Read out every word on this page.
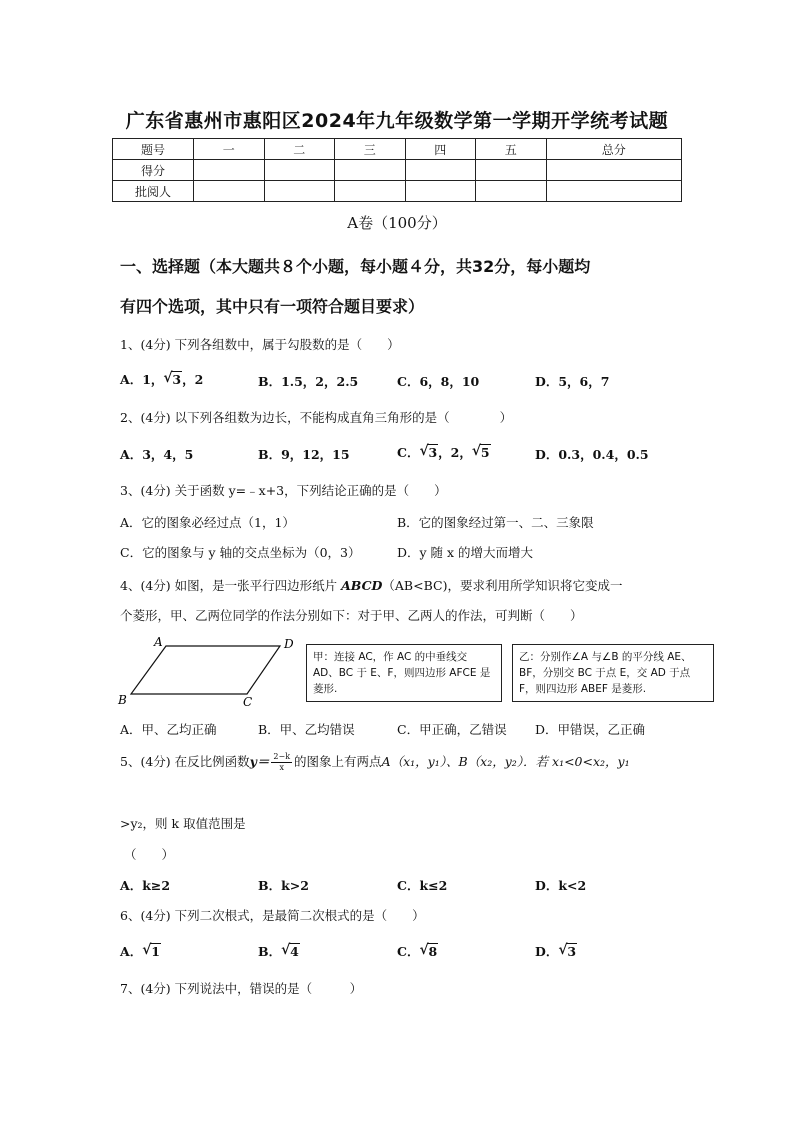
广东省惠州市惠阳区2024年九年级数学第一学期开学统考试题
题号	一	二	三	四	五	总分
得分						
批阅人						
A卷（100分）
一、选择题（本大题共８个小题，每小题４分，共32分，每小题均
有四个选项，其中只有一项符合题目要求）
1、(4分) 下列各组数中，属于勾股数的是（　　）
A．1， √ 3，2	B．1.5，2，2.5	C．6，8，10	D．5，6，7
2、(4分) 以下列各组数为边长，不能构成直角三角形的是（　　　　）
A．3，4，5	B．9，12，15	C． √ 3，2， √ 5	D．0.3，0.4，0.5
3、(4分) 关于函数 y=﹣x+3，下列结论正确的是（　　）
A．它的图象必经过点（1，1）	B．它的图象经过第一、二、三象限
C．它的图象与 y 轴的交点坐标为（0，3）	D．y 随 x 的增大而增大
4、(4分) 如图，是一张平行四边形纸片 ABCD（AB<BC)，要求利用所学知识将它变成一
个菱形，甲、乙两位同学的作法分别如下：对于甲、乙两人的作法，可判断（　　）
A	D
B	C
甲：连接 AC，作 AC 的中垂线交 AD、BC 于 E、F，则四边形 AFCE 是菱形.
乙：分别作∠A 与∠B 的平分线 AE、BF，分别交 BC 于点 E，交 AD 于点 F，则四边形 ABEF 是菱形.
A．甲、乙均正确	B．甲、乙均错误	C．甲正确，乙错误 D．甲错误，乙正确
5、(4分) 在反比例函数$y= \frac{2-k}{x}$ 的图象上有两点A（x₁，y₁）、B（x₂，y₂）．若 x₁<0<x₂，y₁
>y₂，则 k 取值范围是
（　　）
A．k≥2	B．k>2	C．k≤2	D．k<2
6、(4分) 下列二次根式，是最简二次根式的是（　　）
A． √ 1	B． √ 4	C． √ 8	D． √ 3
7、(4分) 下列说法中，错误的是（　　　）
